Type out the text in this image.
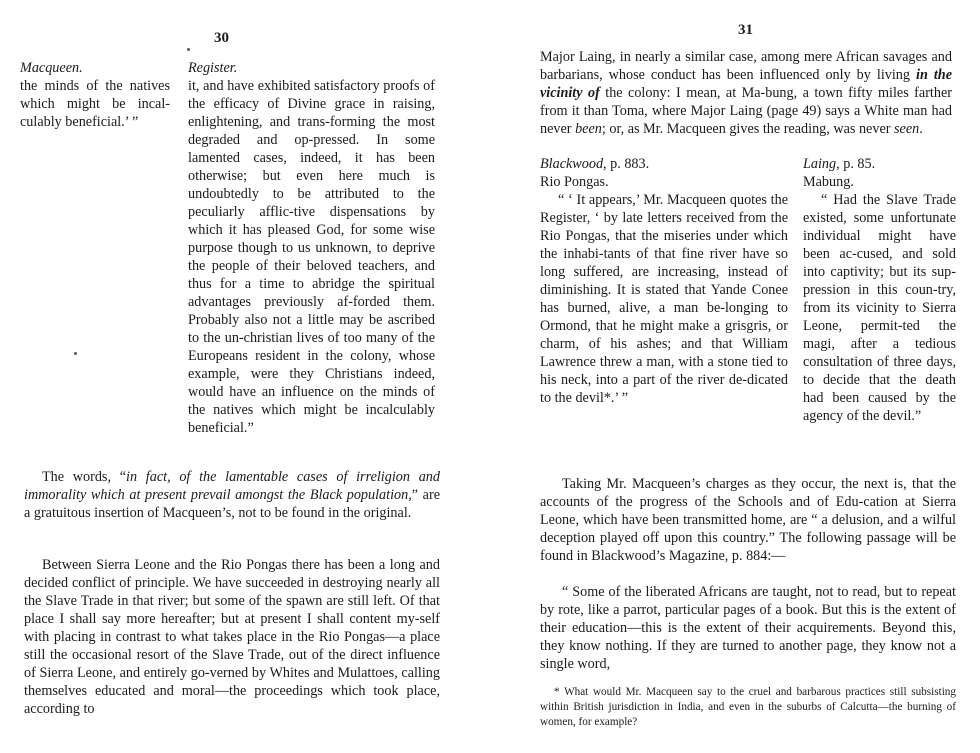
30

Macqueen.

the minds of the natives which might be incal-culably beneficial.’ ”

Register.

it, and have exhibited satisfactory proofs of the efficacy of Divine grace in raising, enlightening, and trans-forming the most degraded and op-pressed. In some lamented cases, indeed, it has been otherwise; but even here much is undoubtedly to be attributed to the peculiarly afflic-tive dispensations by which it has pleased God, for some wise purpose though to us unknown, to deprive the people of their beloved teachers, and thus for a time to abridge the spiritual advantages previously af-forded them. Probably also not a little may be ascribed to the un-christian lives of too many of the Europeans resident in the colony, whose example, were they Christians indeed, would have an influence on the minds of the natives which might be incalculably beneficial.”

The words, “in fact, of the lamentable cases of irreligion and immorality which at present prevail amongst the Black population,” are a gratuitous insertion of Macqueen’s, not to be found in the original.

Between Sierra Leone and the Rio Pongas there has been a long and decided conflict of principle. We have succeeded in destroying nearly all the Slave Trade in that river; but some of the spawn are still left. Of that place I shall say more hereafter; but at present I shall content my-self with placing in contrast to what takes place in the Rio Pongas—a place still the occasional resort of the Slave Trade, out of the direct influence of Sierra Leone, and entirely go-verned by Whites and Mulattoes, calling themselves educated and moral—the proceedings which took place, according to

31

Major Laing, in nearly a similar case, among mere African savages and barbarians, whose conduct has been influenced only by living in the vicinity of the colony: I mean, at Ma-bung, a town fifty miles farther from it than Toma, where Major Laing (page 49) says a White man had never been; or, as Mr. Macqueen gives the reading, was never seen.

Blackwood, p. 883.

Rio Pongas.

“ ‘ It appears,’ Mr. Macqueen quotes the Register, ‘ by late letters received from the Rio Pongas, that the miseries under which the inhabi-tants of that fine river have so long suffered, are increasing, instead of diminishing. It is stated that Yande Conee has burned, alive, a man be-longing to Ormond, that he might make a grisgris, or charm, of his ashes; and that William Lawrence threw a man, with a stone tied to his neck, into a part of the river de-dicated to the devil*.’ ”

Laing, p. 85.

Mabung.

“ Had the Slave Trade existed, some unfortunate individual might have been ac-cused, and sold into captivity; but its sup-pression in this coun-try, from its vicinity to Sierra Leone, permit-ted the magi, after a tedious consultation of three days, to decide that the death had been caused by the agency of the devil.”

Taking Mr. Macqueen’s charges as they occur, the next is, that the accounts of the progress of the Schools and of Edu-cation at Sierra Leone, which have been transmitted home, are “ a delusion, and a wilful deception played off upon this country.” The following passage will be found in Blackwood’s Magazine, p. 884:—

“ Some of the liberated Africans are taught, not to read, but to repeat by rote, like a parrot, particular pages of a book. But this is the extent of their education—this is the extent of their acquirements. Beyond this, they know nothing. If they are turned to another page, they know not a single word,

* What would Mr. Macqueen say to the cruel and barbarous practices still subsisting within British jurisdiction in India, and even in the suburbs of Calcutta—the burning of women, for example?
